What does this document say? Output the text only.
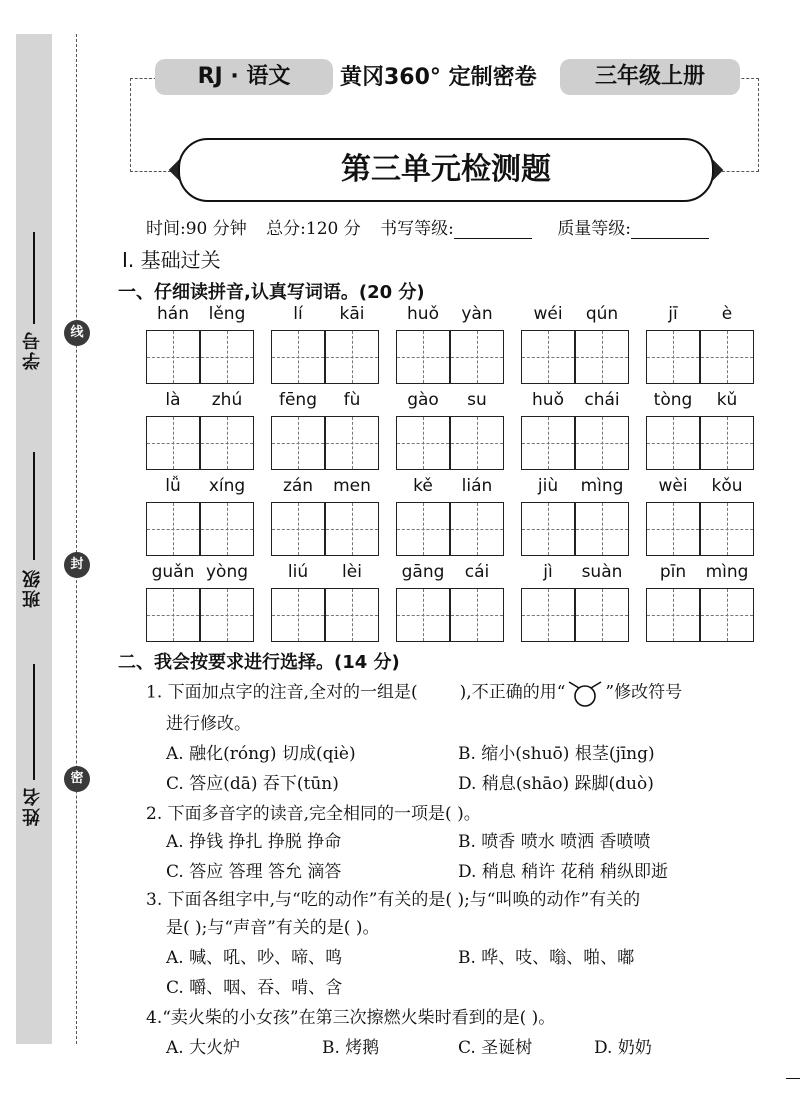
学号
班级
姓名
线
封
密
RJ · 语文	黄冈360° 定制密卷	三年级上册
第三单元检测题
时间:90 分钟 总分:120 分 书写等级:	质量等级:
Ⅰ. 基础过关
一、仔细读拼音,认真写词语。(20 分)
hán	lěng	lí	kāi	huǒ	yàn	wéi	qún	jī	è
là	zhú	fēng	fù	gào	su	huǒ	chái	tòng	kǔ
lǚ	xíng	zán	men	kě	lián	jiù	mìng	wèi	kǒu
guǎn yòng	liú	lèi	gāng	cái	jì	suàn	pīn	mìng
二、我会按要求进行选择。(14 分)
1. 下面加点字的注音,全对的一组是( ),不正确的用“ ”修改符号
进行修改。
A. 融化(róng) 切成(qiè)	B. 缩小(shuō) 根茎(jīng)
C. 答应(dā) 吞下(tūn)	D. 稍息(shāo) 跺脚(duò)
2. 下面多音字的读音,完全相同的一项是( )。
A. 挣钱 挣扎 挣脱 挣命	B. 喷香 喷水 喷洒 香喷喷
C. 答应 答理 答允 滴答	D. 稍息 稍许 花稍 稍纵即逝
3. 下面各组字中,与“吃的动作”有关的是( );与“叫唤的动作”有关的
是( );与“声音”有关的是( )。
A. 喊、吼、吵、啼、鸣	B. 哗、吱、嗡、啪、嘟
C. 嚼、咽、吞、啃、含
4.“卖火柴的小女孩”在第三次擦燃火柴时看到的是( )。
A. 大火炉	B. 烤鹅	C. 圣诞树	D. 奶奶
